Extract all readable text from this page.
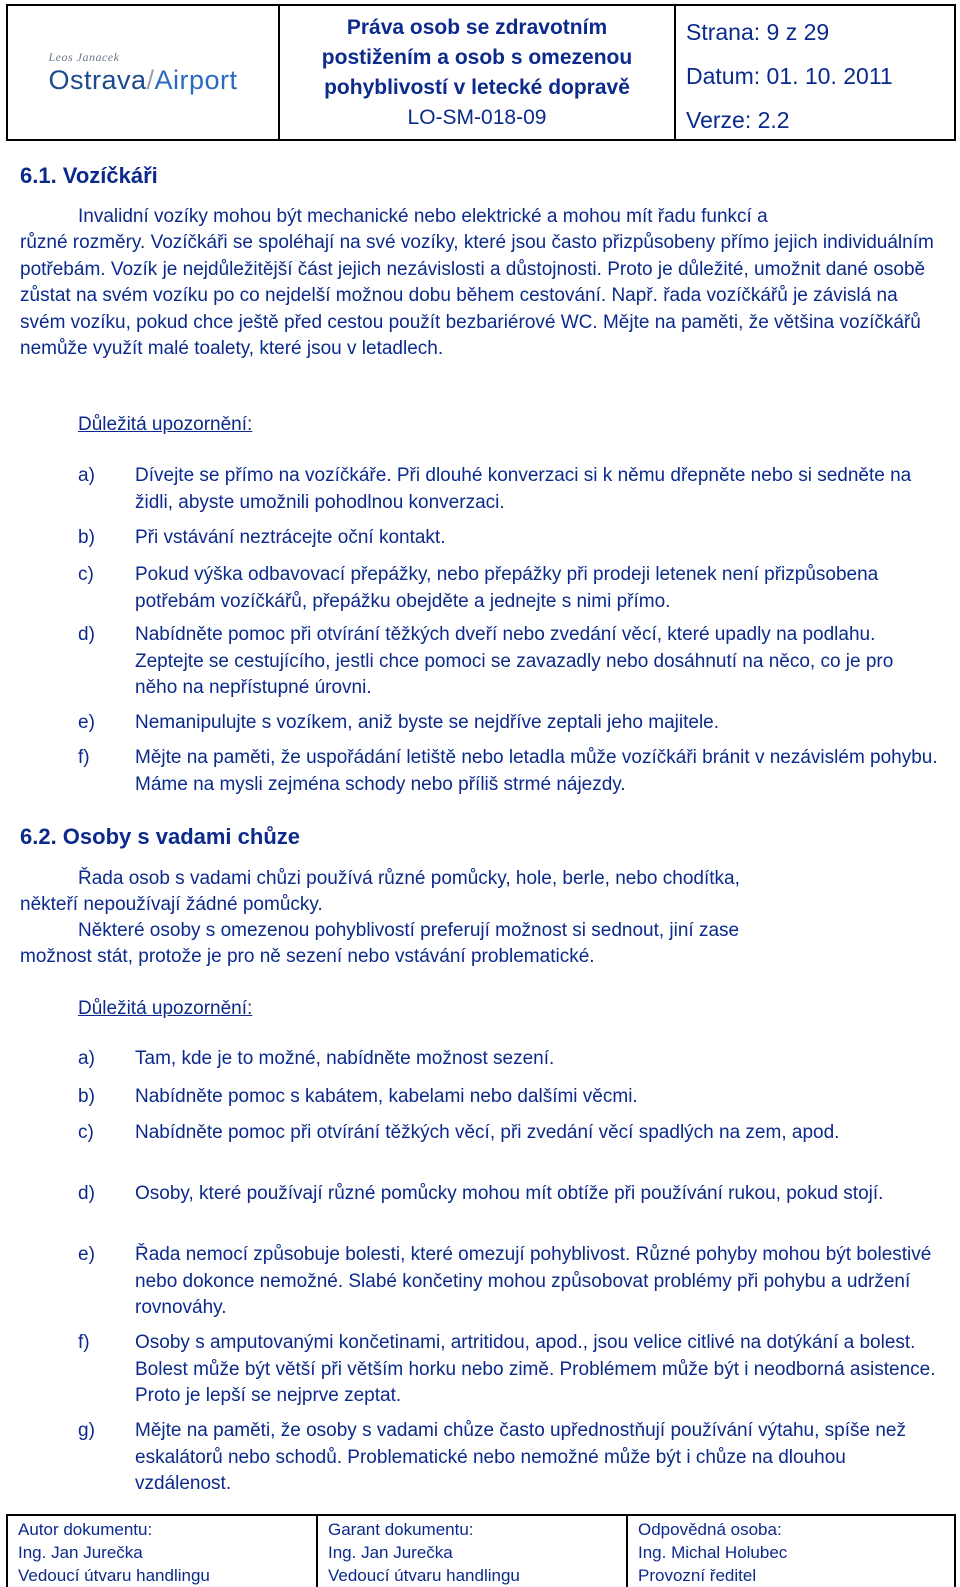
Leos Janacek
Ostrava/Airport
Práva osob se zdravotním
postižením a osob s omezenou
pohyblivostí v letecké dopravě
LO-SM-018-09
Strana: 9 z 29
Datum: 01. 10. 2011
Verze: 2.2
6.1. Vozíčkáři
Invalidní vozíky mohou být mechanické nebo elektrické a mohou mít řadu funkcí a
různé rozměry. Vozíčkáři se spoléhají na své vozíky, které jsou často přizpůsobeny přímo jejich individuálním potřebám. Vozík je nejdůležitější část jejich nezávislosti a důstojnosti. Proto je důležité, umožnit dané osobě zůstat na svém vozíku po co nejdelší možnou dobu během cestování. Např. řada vozíčkářů je závislá na svém vozíku, pokud chce ještě před cestou použít bezbariérové WC. Mějte na paměti, že většina vozíčkářů nemůže využít malé toalety, které jsou v letadlech.
Důležitá upozornění:
a)	Dívejte se přímo na vozíčkáře. Při dlouhé konverzaci si k němu dřepněte nebo si sedněte na židli, abyste umožnili pohodlnou konverzaci.
b)	Při vstávání neztrácejte oční kontakt.
c)	Pokud výška odbavovací přepážky, nebo přepážky při prodeji letenek není přizpůsobena potřebám vozíčkářů, přepážku obejděte a jednejte s nimi přímo.
d)	Nabídněte pomoc při otvírání těžkých dveří nebo zvedání věcí, které upadly na podlahu. Zeptejte se cestujícího, jestli chce pomoci se zavazadly nebo dosáhnutí na něco, co je pro něho na nepřístupné úrovni.
e)	Nemanipulujte s vozíkem, aniž byste se nejdříve zeptali jeho majitele.
f)	Mějte na paměti, že uspořádání letiště nebo letadla může vozíčkáři bránit v nezávislém pohybu. Máme na mysli zejména schody nebo příliš strmé nájezdy.
6.2. Osoby s vadami chůze
Řada osob s vadami chůzi používá různé pomůcky, hole, berle, nebo chodítka,
někteří nepoužívají žádné pomůcky.
Některé osoby s omezenou pohyblivostí preferují možnost si sednout, jiní zase
možnost stát, protože je pro ně sezení nebo vstávání problematické.
Důležitá upozornění:
a)	Tam, kde je to možné, nabídněte možnost sezení.
b)	Nabídněte pomoc s kabátem, kabelami nebo dalšími věcmi.
c)	Nabídněte pomoc při otvírání těžkých věcí, při zvedání věcí spadlých na zem, apod.
d)	Osoby, které používají různé pomůcky mohou mít obtíže při používání rukou, pokud stojí.
e)	Řada nemocí způsobuje bolesti, které omezují pohyblivost. Různé pohyby mohou být bolestivé nebo dokonce nemožné. Slabé končetiny mohou způsobovat problémy při pohybu a udržení rovnováhy.
f)	Osoby s amputovanými končetinami, artritidou, apod., jsou velice citlivé na dotýkání a bolest. Bolest může být větší při větším horku nebo zimě. Problémem může být i neodborná asistence. Proto je lepší se nejprve zeptat.
g)	Mějte na paměti, že osoby s vadami chůze často upřednostňují používání výtahu, spíše než eskalátorů nebo schodů. Problematické nebo nemožné může být i chůze na dlouhou vzdálenost.
Autor dokumentu:
Ing. Jan Jurečka
Vedoucí útvaru handlingu
Garant dokumentu:
Ing. Jan Jurečka
Vedoucí útvaru handlingu
Odpovědná osoba:
Ing. Michal Holubec
Provozní ředitel
